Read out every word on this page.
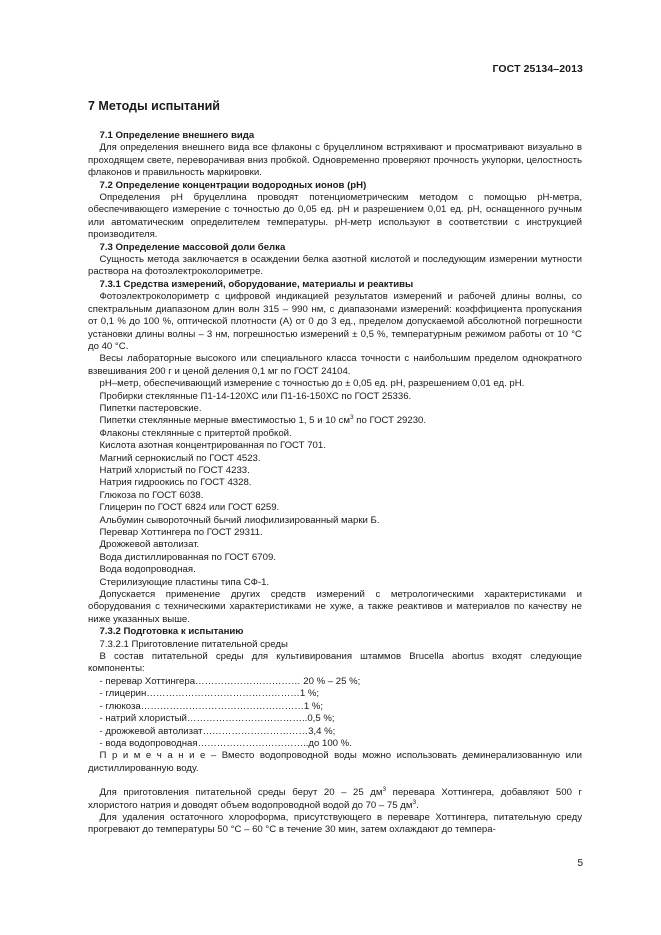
ГОСТ 25134–2013
7 Методы испытаний
7.1 Определение внешнего вида
Для определения внешнего вида все флаконы с бруцеллином встряхивают и просматривают визуально в проходящем свете, переворачивая вниз пробкой. Одновременно проверяют прочность укупорки, целостность флаконов и правильность маркировки.
7.2 Определение концентрации водородных ионов (рН)
Определения рН бруцеллина проводят потенциометрическим методом с помощью рН-метра, обеспечивающего измерение с точностью до 0,05 ед. рН и разрешением 0,01 ед. рН, оснащенного ручным или автоматическим определителем температуры. рН-метр используют в соответствии с инструкцией производителя.
7.3 Определение массовой доли белка
Сущность метода заключается в осаждении белка азотной кислотой и последующим измерении мутности раствора на фотоэлектроколориметре.
7.3.1 Средства измерений, оборудование, материалы и реактивы
Фотоэлектроколориметр с цифровой индикацией результатов измерений и рабочей длины волны, со спектральным диапазоном длин волн 315 – 990 нм, с диапазонами измерений: коэффициента пропускания от 0,1 % до 100 %, оптической плотности (А) от 0 до 3 ед., пределом допускаемой абсолютной погрешности установки длины волны – 3 нм, погрешностью измерений ± 0,5 %, температурным режимом работы от 10 °С до 40 °С.
Весы лабораторные высокого или специального класса точности с наибольшим пределом однократного взвешивания 200 г и ценой деления 0,1 мг по ГОСТ 24104.
рН–метр, обеспечивающий измерение с точностью до ± 0,05 ед. рН, разрешением 0,01 ед. рН.
Пробирки стеклянные П1-14-120ХС или П1-16-150ХС по ГОСТ 25336.
Пипетки пастеровские.
Пипетки стеклянные мерные вместимостью 1, 5 и 10 $см^3$ по ГОСТ 29230.
Флаконы стеклянные с притертой пробкой.
Кислота азотная концентрированная по ГОСТ 701.
Магний сернокислый по ГОСТ 4523.
Натрий хлористый по ГОСТ 4233.
Натрия гидроокись по ГОСТ 4328.
Глюкоза по ГОСТ 6038.
Глицерин по ГОСТ 6824 или ГОСТ 6259.
Альбумин сывороточный бычий лиофилизированный марки Б.
Перевар Хоттингера по ГОСТ 29311.
Дрожжевой автолизат.
Вода дистиллированная по ГОСТ 6709.
Вода водопроводная.
Стерилизующие пластины типа СФ-1.
Допускается применение других средств измерений с метрологическими характеристиками и оборудования с техническими характеристиками не хуже, а также реактивов и материалов по качеству не ниже указанных выше.
7.3.2 Подготовка к испытанию
7.3.2.1 Приготовление питательной среды
В состав питательной среды для культивирования штаммов Brucella abortus входят следующие компоненты:
- перевар Хоттингера…………………………… 20 % – 25 %;
- глицерин…………………………………………1 %;
- глюкоза……………………………………………1 %;
- натрий хлористый………………………………..0,5 %;
- дрожжевой автолизат……………………………3,4 %;
- вода водопроводная……………………………..до 100 %.
П р и м е ч а н и е – Вместо водопроводной воды можно использовать деминерализованную или дистиллированную воду.
Для приготовления питательной среды берут 20 – 25 $дм^3$ перевара Хоттингера, добавляют 500 г хлористого натрия и доводят объем водопроводной водой до 70 – 75 $дм^3$.
Для удаления остаточного хлороформа, присутствующего в переваре Хоттингера, питательную среду прогревают до температуры 50 °С – 60 °С в течение 30 мин, затем охлаждают до темпера-
5
